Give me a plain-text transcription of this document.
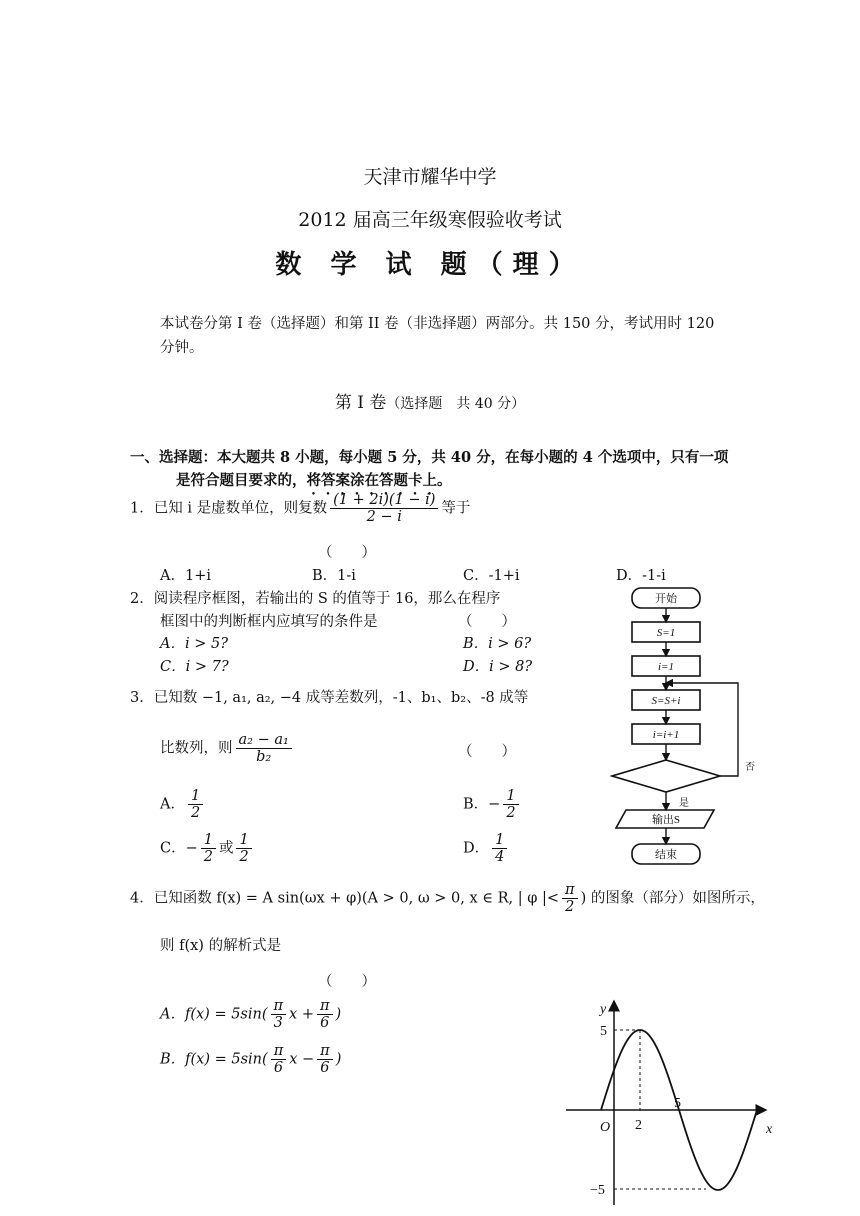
天津市耀华中学
2012 届高三年级寒假验收考试
数 学 试 题（理）
本试卷分第 I 卷（选择题）和第 II 卷（非选择题）两部分。共 150 分，考试用时 120
分钟。
第 I 卷（选择题　共 40 分）
一、选择题：本大题共 8 小题，每小题 5 分，共 40 分，在每小题的 4 个选项中，只有一项
是符合题目要求的，将答案涂在答题卡上。
1．已知 i 是虚数单位，则复数 $\frac{(1 + 2i)(1 - i)}{2 - i}$ 等于
（　　）
A．1+i	B．1-i	C．-1+i	D．-1-i
2．阅读程序框图，若输出的 S 的值等于 16，那么在程序
框图中的判断框内应填写的条件是	（　　）
A．i > 5?	B．i > 6?
C．i > 7?	D．i > 8?
3．已知数 −1, a₁, a₂, −4 成等差数列，-1、b₁、b₂、-8 成等
比数列，则 $\frac{\text{a₂ − a₁}}{\text{b₂}}$	（　　）
A． $\frac{1}{2}$	B．− $\frac{1}{2}$
C．− $\frac{1}{2}$ 或 $\frac{1}{2}$	D． $\frac{1}{4}$
4．已知函数 f(x) = A sin(ωx + φ)(A > 0, ω > 0, x ∈ R, | φ |< $\frac{\pi}{2}$ ) 的图象（部分）如图所示，
则 f(x) 的解析式是
（　　）
A．$f(x) = 5\sin( \frac{\pi}{3}$ $x + \frac{\pi}{6}$ )
B．$f(x) = 5\sin( \frac{\pi}{6}$ $x - \frac{\pi}{6}$ )
开始
S=1
i=1
S=S+i
i=i+1
输出S
结束
否
是
y
x
O
5
−5
2
5
